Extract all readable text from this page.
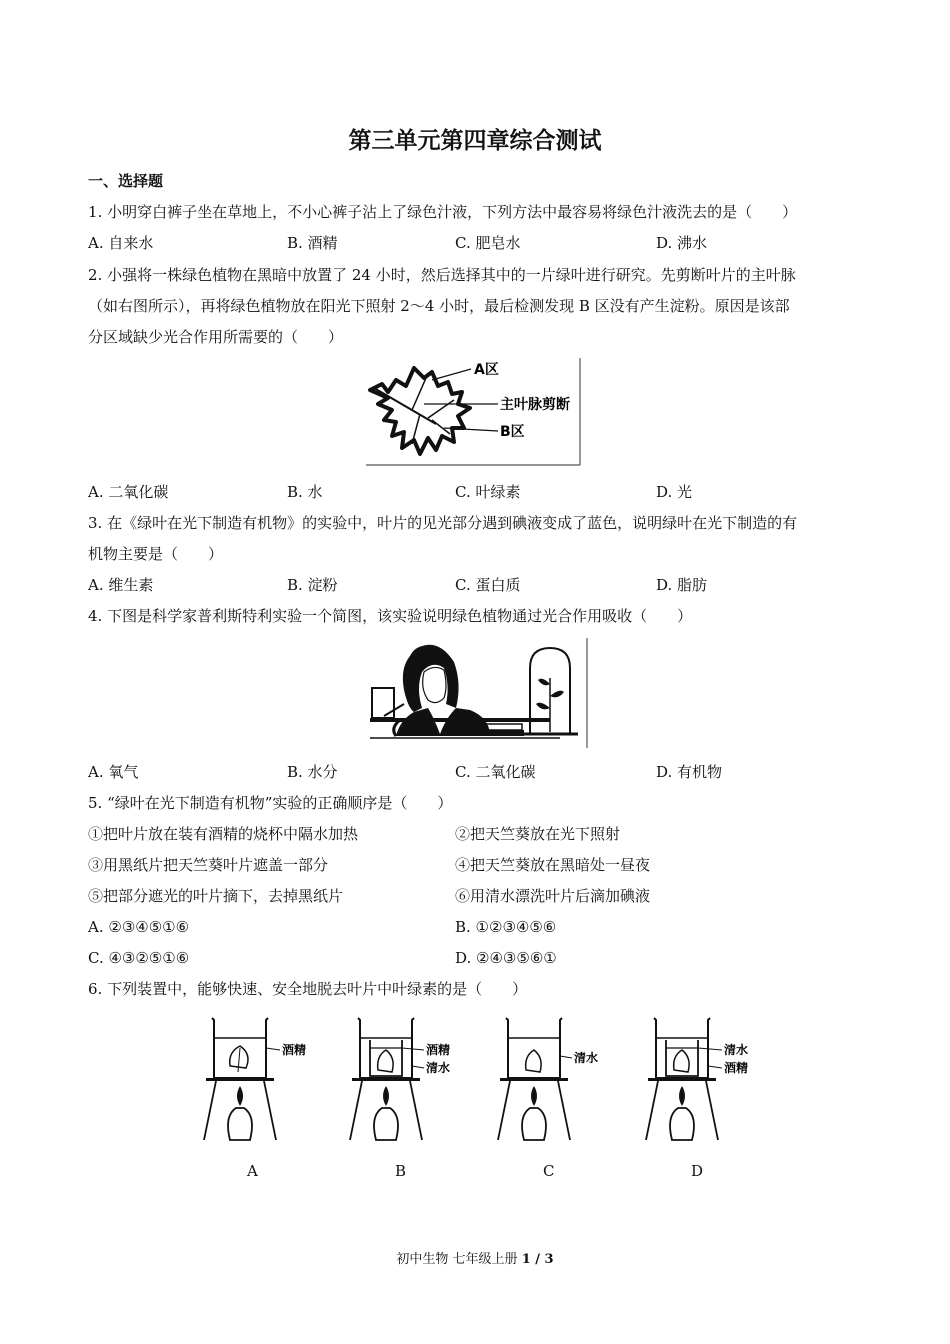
第三单元第四章综合测试
一、选择题
1. 小明穿白裤子坐在草地上，不小心裤子沾上了绿色汁液，下列方法中最容易将绿色汁液洗去的是（　　）
A. 自来水	B. 酒精	C. 肥皂水	D. 沸水
2. 小强将一株绿色植物在黑暗中放置了 24 小时，然后选择其中的一片绿叶进行研究。先剪断叶片的主叶脉
（如右图所示），再将绿色植物放在阳光下照射 2～4 小时，最后检测发现 B 区没有产生淀粉。原因是该部
分区域缺少光合作用所需要的（　　）
A区
主叶脉剪断
B区
A. 二氧化碳	B. 水	C. 叶绿素	D. 光
3. 在《绿叶在光下制造有机物》的实验中，叶片的见光部分遇到碘液变成了蓝色，说明绿叶在光下制造的有
机物主要是（　　）
A. 维生素	B. 淀粉	C. 蛋白质	D. 脂肪
4. 下图是科学家普利斯特利实验一个简图，该实验说明绿色植物通过光合作用吸收（　　）
A. 氧气	B. 水分	C. 二氧化碳	D. 有机物
5. “绿叶在光下制造有机物”实验的正确顺序是（　　）
①把叶片放在装有酒精的烧杯中隔水加热	②把天竺葵放在光下照射
③用黑纸片把天竺葵叶片遮盖一部分	④把天竺葵放在黑暗处一昼夜
⑤把部分遮光的叶片摘下，去掉黑纸片	⑥用清水漂洗叶片后滴加碘液
A. ②③④⑤①⑥	B. ①②③④⑤⑥
C. ④③②⑤①⑥	D. ②④③⑤⑥①
6. 下列装置中，能够快速、安全地脱去叶片中叶绿素的是（　　）
酒精	酒精
清水
清水
清水
酒精
A	B	C	D
初中生物 七年级上册 1 / 3
